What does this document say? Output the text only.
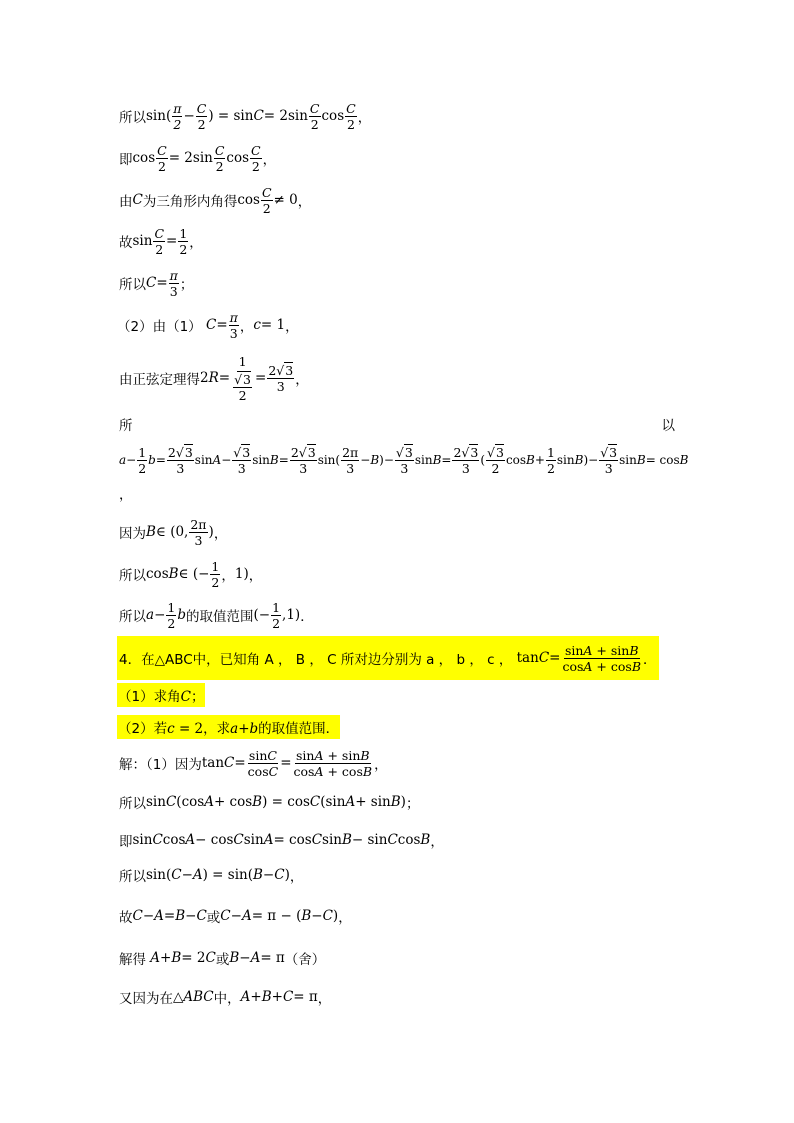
所以 $\sin( \frac{\pi}{2} - \frac{C}{2}$ ) = $\sin C = 2\sin \frac{C}{2}$ $\cos \frac{C}{2}$ ，
即 $\cos \frac{C}{2} = 2\sin \frac{C}{2}$ $\cos \frac{C}{2}$ ，
由 C 为三角形内角得 $\cos \frac{C}{2} \ne 0$ ，
故 $\sin \frac{C}{2} = \frac{1}{2}$ ，
所以 $C = \frac{\pi}{3}$ ；
（2）由（1） $C = \frac{\pi}{3}$ ， c = 1 ，
由正弦定理得 2 $R = \frac{1}{\frac{√3}{2}} = \frac{2√3}{3}$ ，
所	以
$a - \frac{1}{2}$ $b = \frac{2√3}{3}$ $\sin A - \frac{√3}{3}$ $\sin B = \frac{2√3}{3} \sin( \frac{2\pi}{3} - B$ )− $\frac{√3}{3}$ $\sin B = \frac{2√3}{3}$ ( $\frac{√3}{2}$ $\cos B + \frac{1}{2}$ sin B )− $\frac{√3}{3}$ sin B = cos B
，
因为 B ∈ (0, $\frac{2\pi}{3}$ ) ，
所以 cos B ∈ (− $\frac{1}{2}$ ， 1) ，
所以 $a - \frac{1}{2}$ b 的取值范围 (− $\frac{1}{2} ,1$) ．
4．在△ABC中，已知角 A ， B ， C 所对边分别为 a ， b ， c ， $\tan C = \frac{\sin A + \sin B}{\cos A + \cos B}$ ．
（1）求角C；
（2）若c = 2，求a+b的取值范围．
解：（1）因为 $\tan C = \frac{\sin C}{\cos C} = \frac{\sin A + \sin B}{\cos A + \cos B}$ ，
所以 sin C (cos A + cos B ) = cos C (sin A + sin B ) ；
即 sin C cos A − cos C sin A = cos C sin B − sin C cos B ，
所以 sin( C − A ) = sin( B − C ) ，
故 C − A = B − C 或 C − A = π − ( B − C ) ，
解得 A + B = 2 C 或 B − A = π （舍）
又因为在 △ ABC 中， A + B + C = π ，
